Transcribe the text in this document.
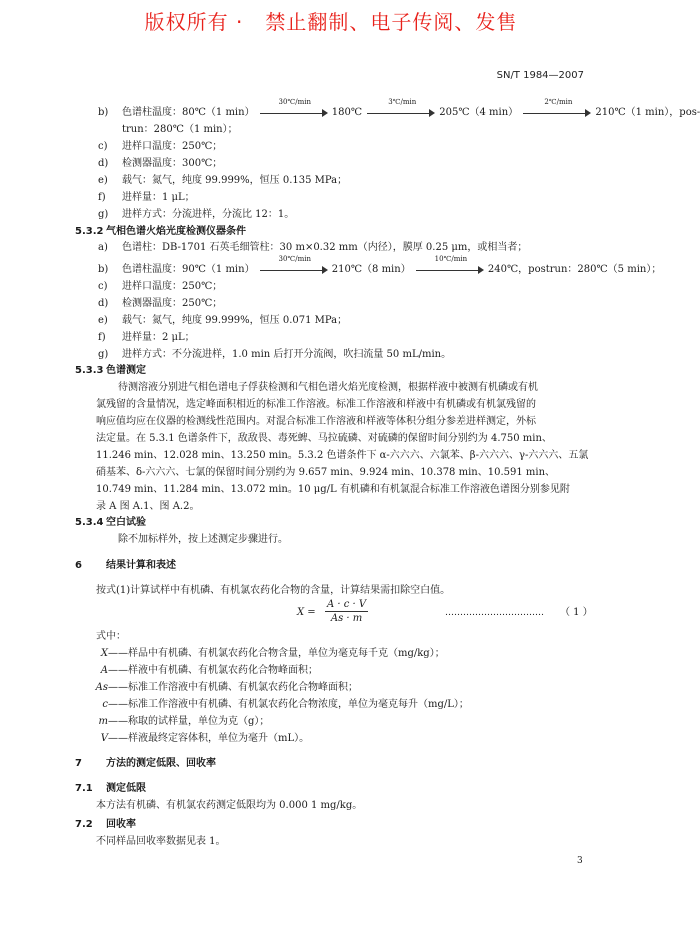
版权所有 ·   禁止翻制、电子传阅、发售
SN/T 1984—2007
b) 色谱柱温度：80℃（1 min）
30℃/min
180℃
3℃/min
205℃（4 min）
2℃/min
210℃（1 min），pos-
trun：280℃（1 min）；
c) 进样口温度：250℃；
d) 检测器温度：300℃；
e) 载气：氮气，纯度 99.999%，恒压 0.135 MPa；
f) 进样量：1 μL；
g) 进样方式：分流进样，分流比 12：1。
5.3.2 气相色谱火焰光度检测仪器条件
a) 色谱柱：DB-1701 石英毛细管柱：30 m×0.32 mm（内径），膜厚 0.25 μm，或相当者；
b) 色谱柱温度：90℃（1 min）
30℃/min
210℃（8 min）
10℃/min
240℃，postrun：280℃（5 min）；
c) 进样口温度：250℃；
d) 检测器温度：250℃；
e) 载气：氮气，纯度 99.999%，恒压 0.071 MPa；
f) 进样量：2 μL；
g) 进样方式：不分流进样，1.0 min 后打开分流阀，吹扫流量 50 mL/min。
5.3.3 色谱测定
待测溶液分别进气相色谱电子俘获检测和气相色谱火焰光度检测，根据样液中被测有机磷或有机
氯残留的含量情况，选定峰面积相近的标准工作溶液。标准工作溶液和样液中有机磷或有机氯残留的
响应值均应在仪器的检测线性范围内。对混合标准工作溶液和样液等体积分组分参差进样测定，外标
法定量。在 5.3.1 色谱条件下，敌敌畏、毒死蜱、马拉硫磷、对硫磷的保留时间分别约为 4.750 min、
11.246 min、12.028 min、13.250 min。5.3.2 色谱条件下 α-六六六、六氯苯、β-六六六、γ-六六六、五氯
硝基苯、δ-六六六、七氯的保留时间分别约为 9.657 min、9.924 min、10.378 min、10.591 min、
10.749 min、11.284 min、13.072 min。10 μg/L 有机磷和有机氯混合标准工作溶液色谱图分别参见附
录 A 图 A.1、图 A.2。
5.3.4 空白试验
除不加标样外，按上述测定步骤进行。
6 结果计算和表述
按式(1)计算试样中有机磷、有机氯农药化合物的含量，计算结果需扣除空白值。
$X = \frac{A \cdot c \cdot V}{As \cdot m}$	…………………………… （ 1 ）
式中：
X——样品中有机磷、有机氯农药化合物含量，单位为毫克每千克（mg/kg）；
A——样液中有机磷、有机氯农药化合物峰面积；
As——标准工作溶液中有机磷、有机氯农药化合物峰面积；
c——标准工作溶液中有机磷、有机氯农药化合物浓度，单位为毫克每升（mg/L）；
m——称取的试样量，单位为克（g）；
V——样液最终定容体积，单位为毫升（mL）。
7 方法的测定低限、回收率
7.1 测定低限
本方法有机磷、有机氯农药测定低限均为 0.000 1 mg/kg。
7.2 回收率
不同样品回收率数据见表 1。
3
